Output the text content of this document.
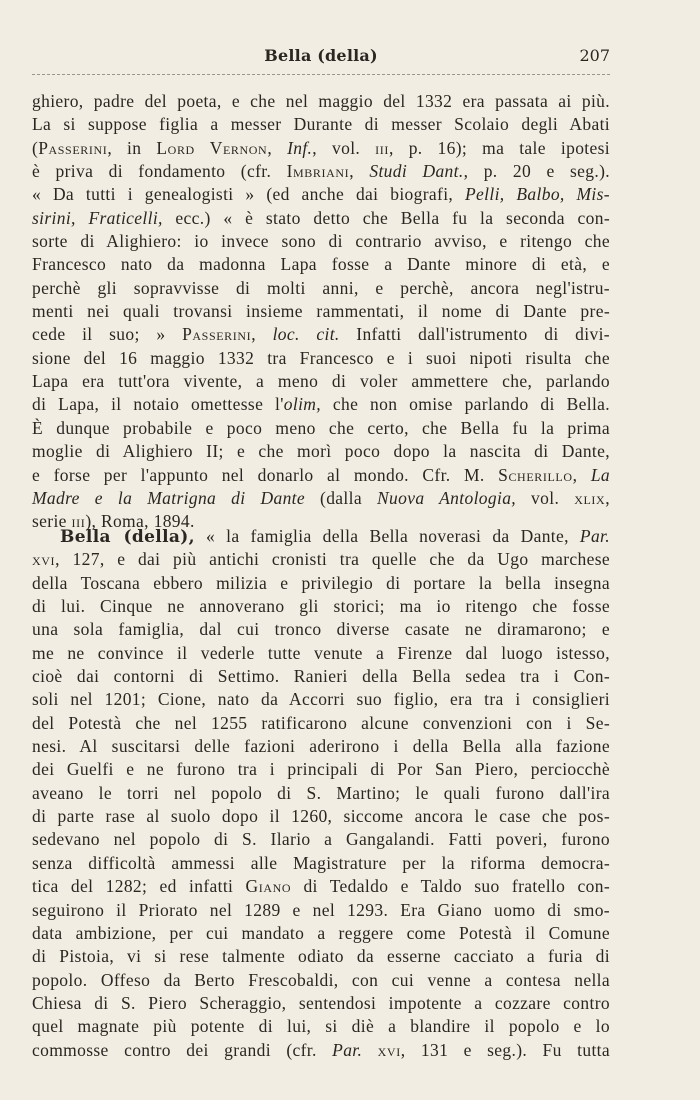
Bella (della)	207
ghiero, padre del poeta, e che nel maggio del 1332 era passata ai più.
La si suppose figlia a messer Durante di messer Scolaio degli Abati
(Passerini, in Lord Vernon, Inf., vol. iii, p. 16); ma tale ipotesi
è priva di fondamento (cfr. Imbriani, Studi Dant., p. 20 e seg.).
« Da tutti i genealogisti » (ed anche dai biografi, Pelli, Balbo, Mis-
sirini, Fraticelli, ecc.) « è stato detto che Bella fu la seconda con-
sorte di Alighiero: io invece sono di contrario avviso, e ritengo che
Francesco nato da madonna Lapa fosse a Dante minore di età, e
perchè gli sopravvisse di molti anni, e perchè, ancora negl'istru-
menti nei quali trovansi insieme rammentati, il nome di Dante pre-
cede il suo; » Passerini, loc. cit. Infatti dall'istrumento di divi-
sione del 16 maggio 1332 tra Francesco e i suoi nipoti risulta che
Lapa era tutt'ora vivente, a meno di voler ammettere che, parlando
di Lapa, il notaio omettesse l'olim, che non omise parlando di Bella.
È dunque probabile e poco meno che certo, che Bella fu la prima
moglie di Alighiero II; e che morì poco dopo la nascita di Dante,
e forse per l'appunto nel donarlo al mondo. Cfr. M. Scherillo, La
Madre e la Matrigna di Dante (dalla Nuova Antologia, vol. xlix,
serie iii), Roma, 1894.
Bella (della), « la famiglia della Bella noverasi da Dante, Par.
xvi, 127, e dai più antichi cronisti tra quelle che da Ugo marchese
della Toscana ebbero milizia e privilegio di portare la bella insegna
di lui. Cinque ne annoverano gli storici; ma io ritengo che fosse
una sola famiglia, dal cui tronco diverse casate ne diramarono; e
me ne convince il vederle tutte venute a Firenze dal luogo istesso,
cioè dai contorni di Settimo. Ranieri della Bella sedea tra i Con-
soli nel 1201; Cione, nato da Accorri suo figlio, era tra i consiglieri
del Potestà che nel 1255 ratificarono alcune convenzioni con i Se-
nesi. Al suscitarsi delle fazioni aderirono i della Bella alla fazione
dei Guelfi e ne furono tra i principali di Por San Piero, perciocchè
aveano le torri nel popolo di S. Martino; le quali furono dall'ira
di parte rase al suolo dopo il 1260, siccome ancora le case che pos-
sedevano nel popolo di S. Ilario a Gangalandi. Fatti poveri, furono
senza difficoltà ammessi alle Magistrature per la riforma democra-
tica del 1282; ed infatti Giano di Tedaldo e Taldo suo fratello con-
seguirono il Priorato nel 1289 e nel 1293. Era Giano uomo di smo-
data ambizione, per cui mandato a reggere come Potestà il Comune
di Pistoia, vi si rese talmente odiato da esserne cacciato a furia di
popolo. Offeso da Berto Frescobaldi, con cui venne a contesa nella
Chiesa di S. Piero Scheraggio, sentendosi impotente a cozzare contro
quel magnate più potente di lui, si diè a blandire il popolo e lo
commosse contro dei grandi (cfr. Par. xvi, 131 e seg.). Fu tutta
